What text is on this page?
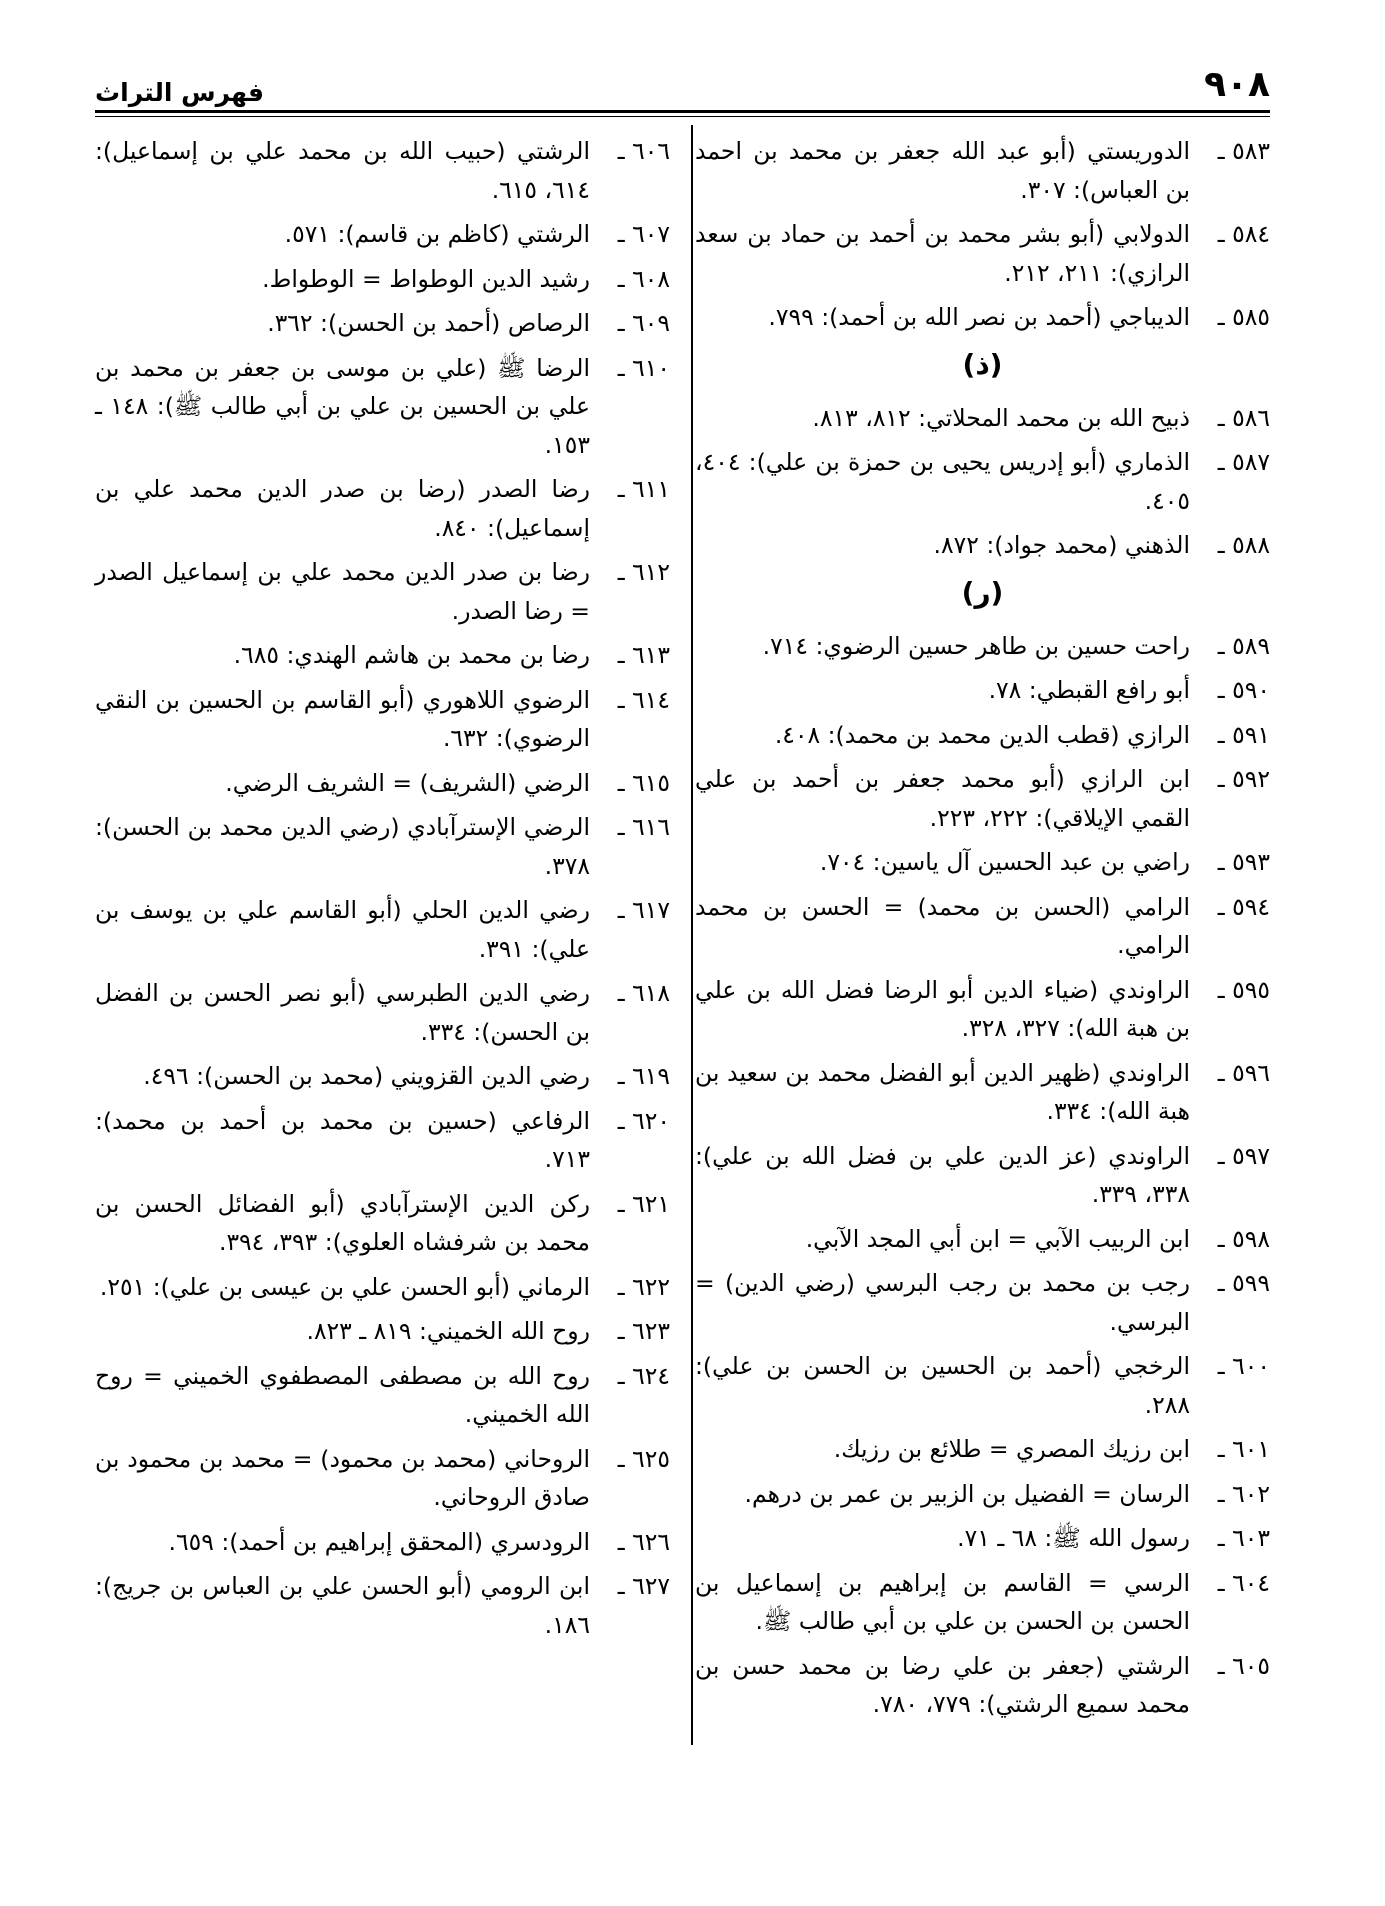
٩٠٨
فهرس التراث
٥٨٣ ـ
الدوريستي (أبو عبد الله جعفر بن محمد بن احمد بن العباس): ٣٠٧.
٥٨٤ ـ
الدولابي (أبو بشر محمد بن أحمد بن حماد بن سعد الرازي): ٢١١، ٢١٢.
٥٨٥ ـ
الديباجي (أحمد بن نصر الله بن أحمد): ٧٩٩.
(ذ)
٥٨٦ ـ
ذبيح الله بن محمد المحلاتي: ٨١٢، ٨١٣.
٥٨٧ ـ
الذماري (أبو إدريس يحيى بن حمزة بن علي): ٤٠٤، ٤٠٥.
٥٨٨ ـ
الذهني (محمد جواد): ٨٧٢.
(ر)
٥٨٩ ـ
راحت حسين بن طاهر حسين الرضوي: ٧١٤.
٥٩٠ ـ
أبو رافع القبطي: ٧٨.
٥٩١ ـ
الرازي (قطب الدين محمد بن محمد): ٤٠٨.
٥٩٢ ـ
ابن الرازي (أبو محمد جعفر بن أحمد بن علي القمي الإيلاقي): ٢٢٢، ٢٢٣.
٥٩٣ ـ
راضي بن عبد الحسين آل ياسين: ٧٠٤.
٥٩٤ ـ
الرامي (الحسن بن محمد) = الحسن بن محمد الرامي.
٥٩٥ ـ
الراوندي (ضياء الدين أبو الرضا فضل الله بن علي بن هبة الله): ٣٢٧، ٣٢٨.
٥٩٦ ـ
الراوندي (ظهير الدين أبو الفضل محمد بن سعيد بن هبة الله): ٣٣٤.
٥٩٧ ـ
الراوندي (عز الدين علي بن فضل الله بن علي): ٣٣٨، ٣٣٩.
٥٩٨ ـ
ابن الربيب الآبي = ابن أبي المجد الآبي.
٥٩٩ ـ
رجب بن محمد بن رجب البرسي (رضي الدين) = البرسي.
٦٠٠ ـ
الرخجي (أحمد بن الحسين بن الحسن بن علي): ٢٨٨.
٦٠١ ـ
ابن رزيك المصري = طلائع بن رزيك.
٦٠٢ ـ
الرسان = الفضيل بن الزبير بن عمر بن درهم.
٦٠٣ ـ
رسول الله ﷺ: ٦٨ ـ ٧١.
٦٠٤ ـ
الرسي = القاسم بن إبراهيم بن إسماعيل بن الحسن بن الحسن بن علي بن أبي طالب ﷺ.
٦٠٥ ـ
الرشتي (جعفر بن علي رضا بن محمد حسن بن محمد سميع الرشتي): ٧٧٩، ٧٨٠.
٦٠٦ ـ
الرشتي (حبيب الله بن محمد علي بن إسماعيل): ٦١٤، ٦١٥.
٦٠٧ ـ
الرشتي (كاظم بن قاسم): ٥٧١.
٦٠٨ ـ
رشيد الدين الوطواط = الوطواط.
٦٠٩ ـ
الرصاص (أحمد بن الحسن): ٣٦٢.
٦١٠ ـ
الرضا ﷺ (علي بن موسى بن جعفر بن محمد بن علي بن الحسين بن علي بن أبي طالب ﷺ): ١٤٨ ـ ١٥٣.
٦١١ ـ
رضا الصدر (رضا بن صدر الدين محمد علي بن إسماعيل): ٨٤٠.
٦١٢ ـ
رضا بن صدر الدين محمد علي بن إسماعيل الصدر = رضا الصدر.
٦١٣ ـ
رضا بن محمد بن هاشم الهندي: ٦٨٥.
٦١٤ ـ
الرضوي اللاهوري (أبو القاسم بن الحسين بن النقي الرضوي): ٦٣٢.
٦١٥ ـ
الرضي (الشريف) = الشريف الرضي.
٦١٦ ـ
الرضي الإسترآبادي (رضي الدين محمد بن الحسن): ٣٧٨.
٦١٧ ـ
رضي الدين الحلي (أبو القاسم علي بن يوسف بن علي): ٣٩١.
٦١٨ ـ
رضي الدين الطبرسي (أبو نصر الحسن بن الفضل بن الحسن): ٣٣٤.
٦١٩ ـ
رضي الدين القزويني (محمد بن الحسن): ٤٩٦.
٦٢٠ ـ
الرفاعي (حسين بن محمد بن أحمد بن محمد): ٧١٣.
٦٢١ ـ
ركن الدين الإسترآبادي (أبو الفضائل الحسن بن محمد بن شرفشاه العلوي): ٣٩٣، ٣٩٤.
٦٢٢ ـ
الرماني (أبو الحسن علي بن عيسى بن علي): ٢٥١.
٦٢٣ ـ
روح الله الخميني: ٨١٩ ـ ٨٢٣.
٦٢٤ ـ
روح الله بن مصطفى المصطفوي الخميني = روح الله الخميني.
٦٢٥ ـ
الروحاني (محمد بن محمود) = محمد بن محمود بن صادق الروحاني.
٦٢٦ ـ
الرودسري (المحقق إبراهيم بن أحمد): ٦٥٩.
٦٢٧ ـ
ابن الرومي (أبو الحسن علي بن العباس بن جريج): ١٨٦.
